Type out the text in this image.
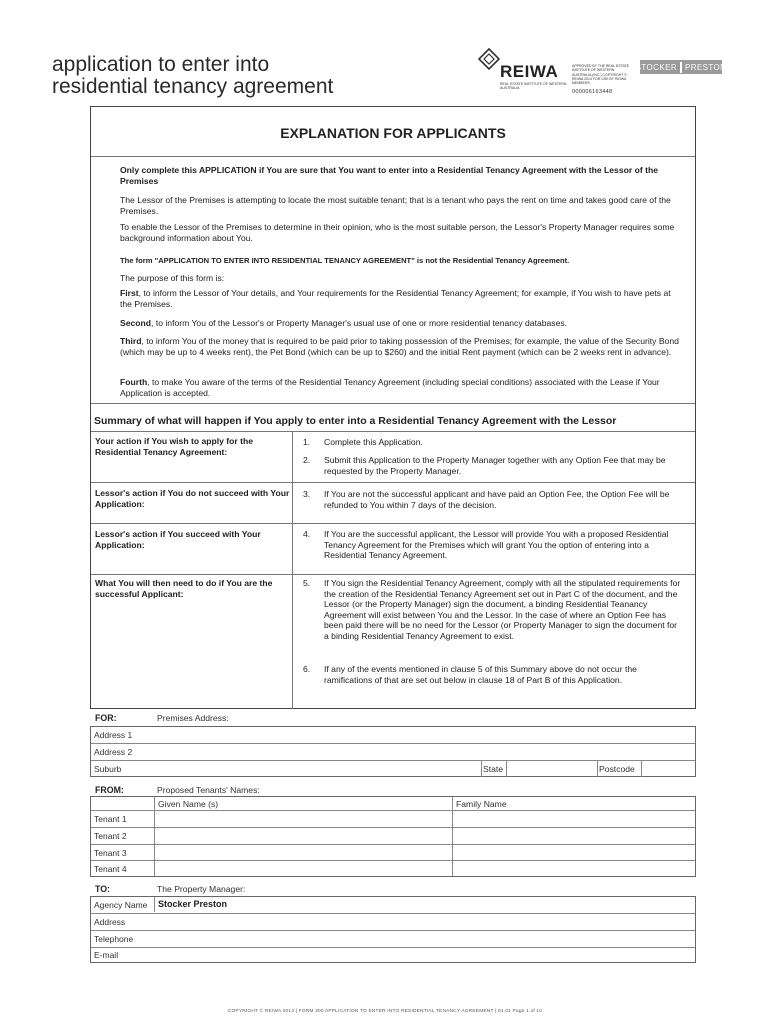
application to enter into
residential tenancy agreement
REIWA
REAL ESTATE INSTITUTE OF WESTERN AUSTRALIA
APPROVED BY THE REAL ESTATE INSTITUTE OF WESTERN AUSTRALIA (INC.) COPYRIGHT © REIWA 2014 FOR USE BY REIWA MEMBERS
000006163448
STOCKER PRESTON
EXPLANATION FOR APPLICANTS
Only complete this APPLICATION if You are sure that You want to enter into a Residential Tenancy Agreement with the Lessor of the Premises
The Lessor of the Premises is attempting to locate the most suitable tenant; that is a tenant who pays the rent on time and takes good care of the Premises.
To enable the Lessor of the Premises to determine in their opinion, who is the most suitable person, the Lessor's Property Manager requires some background information about You.
The form "APPLICATION TO ENTER INTO RESIDENTIAL TENANCY AGREEMENT" is not the Residential Tenancy Agreement.
The purpose of this form is:
First, to inform the Lessor of Your details, and Your requirements for the Residential Tenancy Agreement; for example, if You wish to have pets at the Premises.
Second, to inform You of the Lessor's or Property Manager's usual use of one or more residential tenancy databases.
Third, to inform You of the money that is required to be paid prior to taking possession of the Premises; for example, the value of the Security Bond (which may be up to 4 weeks rent), the Pet Bond (which can be up to $260) and the initial Rent payment (which can be 2 weeks rent in advance).
Fourth, to make You aware of the terms of the Residential Tenancy Agreement (including special conditions) associated with the Lease if Your Application is accepted.
Summary of what will happen if You apply to enter into a Residential Tenancy Agreement with the Lessor
Your action if You wish to apply for the Residential Tenancy Agreement:
1.	Complete this Application.
2.	Submit this Application to the Property Manager together with any Option Fee that may be requested by the Property Manager.
Lessor's action if You do not succeed with Your Application:
3.	If You are not the successful applicant and have paid an Option Fee, the Option Fee will be refunded to You within 7 days of the decision.
Lessor's action if You succeed with Your Application:
4.	If You are the successful applicant, the Lessor will provide You with a proposed Residential Tenancy Agreement for the Premises which will grant You the option of entering into a Residential Tenancy Agreement.
What You will then need to do if You are the successful Applicant:
5.	If You sign the Residential Tenancy Agreement, comply with all the stipulated requirements for the creation of the Residential Tenancy Agreement set out in Part C of the document, and the Lessor (or the Property Manager) sign the document, a binding Residential Teanancy Agreement will exist between You and the Lessor. In the case of where an Option Fee has been paid there will be no need for the Lessor (or Property Manager to sign the document for a binding Residential Tenancy Agreement to exist.
6.	If any of the events mentioned in clause 5 of this Summary above do not occur the ramifications of that are set out below in clause 18 of Part B of this Application.
FOR:	Premises Address:
Address 1
Address 2
Suburb	State	Postcode
FROM:	Proposed Tenants' Names:
Given Name (s)	Family Name
Tenant 1
Tenant 2
Tenant 3
Tenant 4
TO:	The Property Manager:
Agency Name Stocker Preston
Address
Telephone
E-mail
COPYRIGHT © REIWA 2014 | FORM 300 APPLICATION TO ENTER INTO RESIDENTIAL TENANCY AGREEMENT | 01.01 Page 1 of 10
